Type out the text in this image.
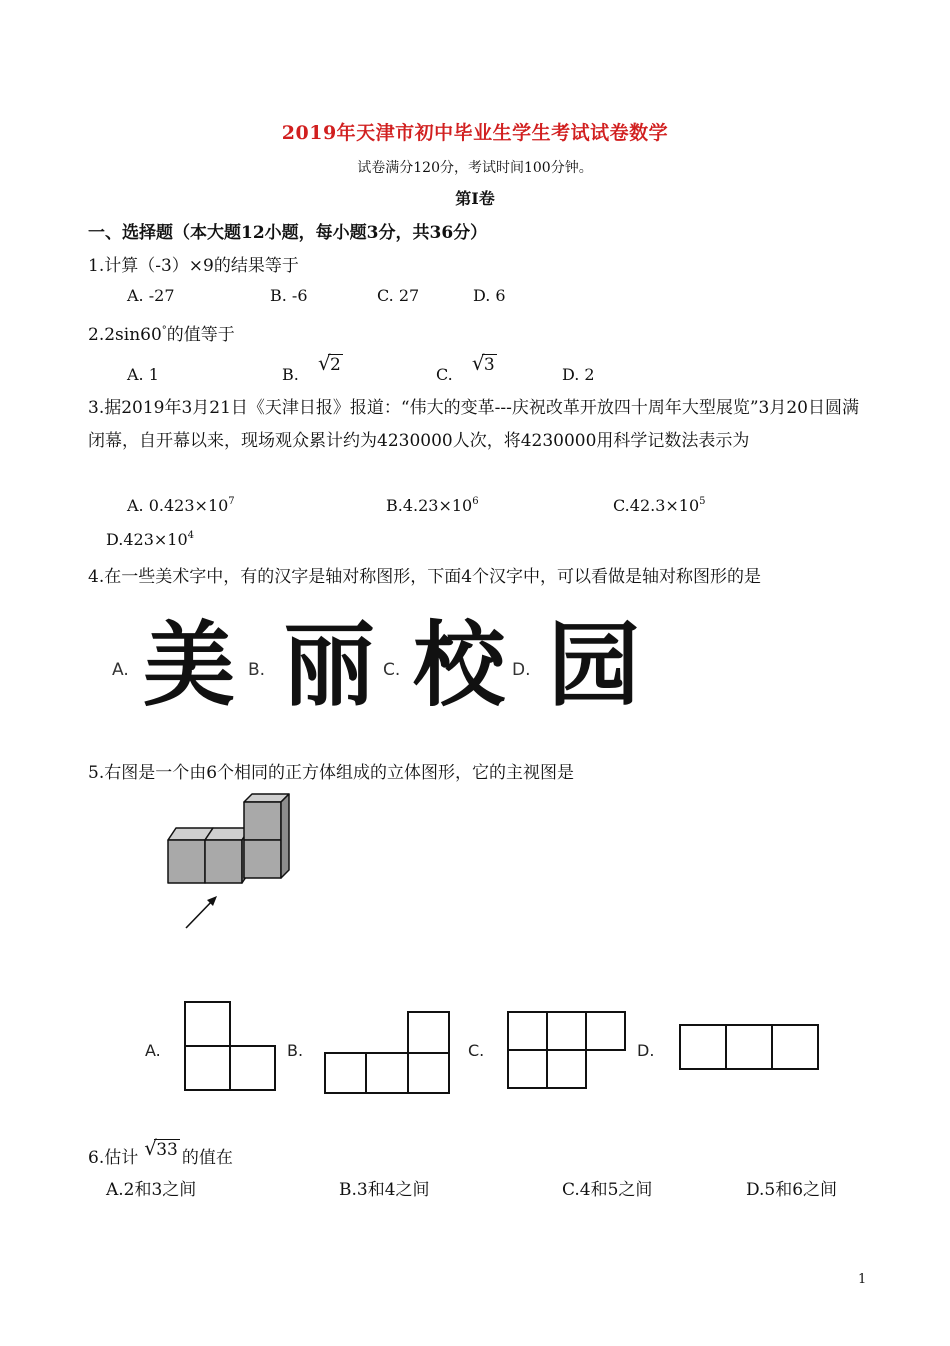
2019年天津市初中毕业生学生考试试卷数学
试卷满分120分，考试时间100分钟。
第I卷
一、选择题（本大题12小题，每小题3分，共36分）
1.计算（-3）×9的结果等于
A. -27	B. -6	C. 27	D. 6
2.2sin60°的值等于
A. 1	B. √ 2	C. √ 3	D. 2
3.据2019年3月21日《天津日报》报道：“伟大的变革---庆祝改革开放四十周年大型展览”3月20日圆满闭幕，自开幕以来，现场观众累计约为4230000人次，将4230000用科学记数法表示为
A. $0.423\times 10^7$	$B.4.23\times 10^6$	$C.42.3\times 10^5$
$D.423\times 10^4$
4.在一些美术字中，有的汉字是轴对称图形，下面4个汉字中，可以看做是轴对称图形的是
A. 美 B. 丽 C. 校 D. 园
5.右图是一个由6个相同的正方体组成的立体图形，它的主视图是
A.	B.	C.	D.
6.估计 √ 33 的值在
A.2和3之间	B.3和4之间	C.4和5之间	D.5和6之间
1
